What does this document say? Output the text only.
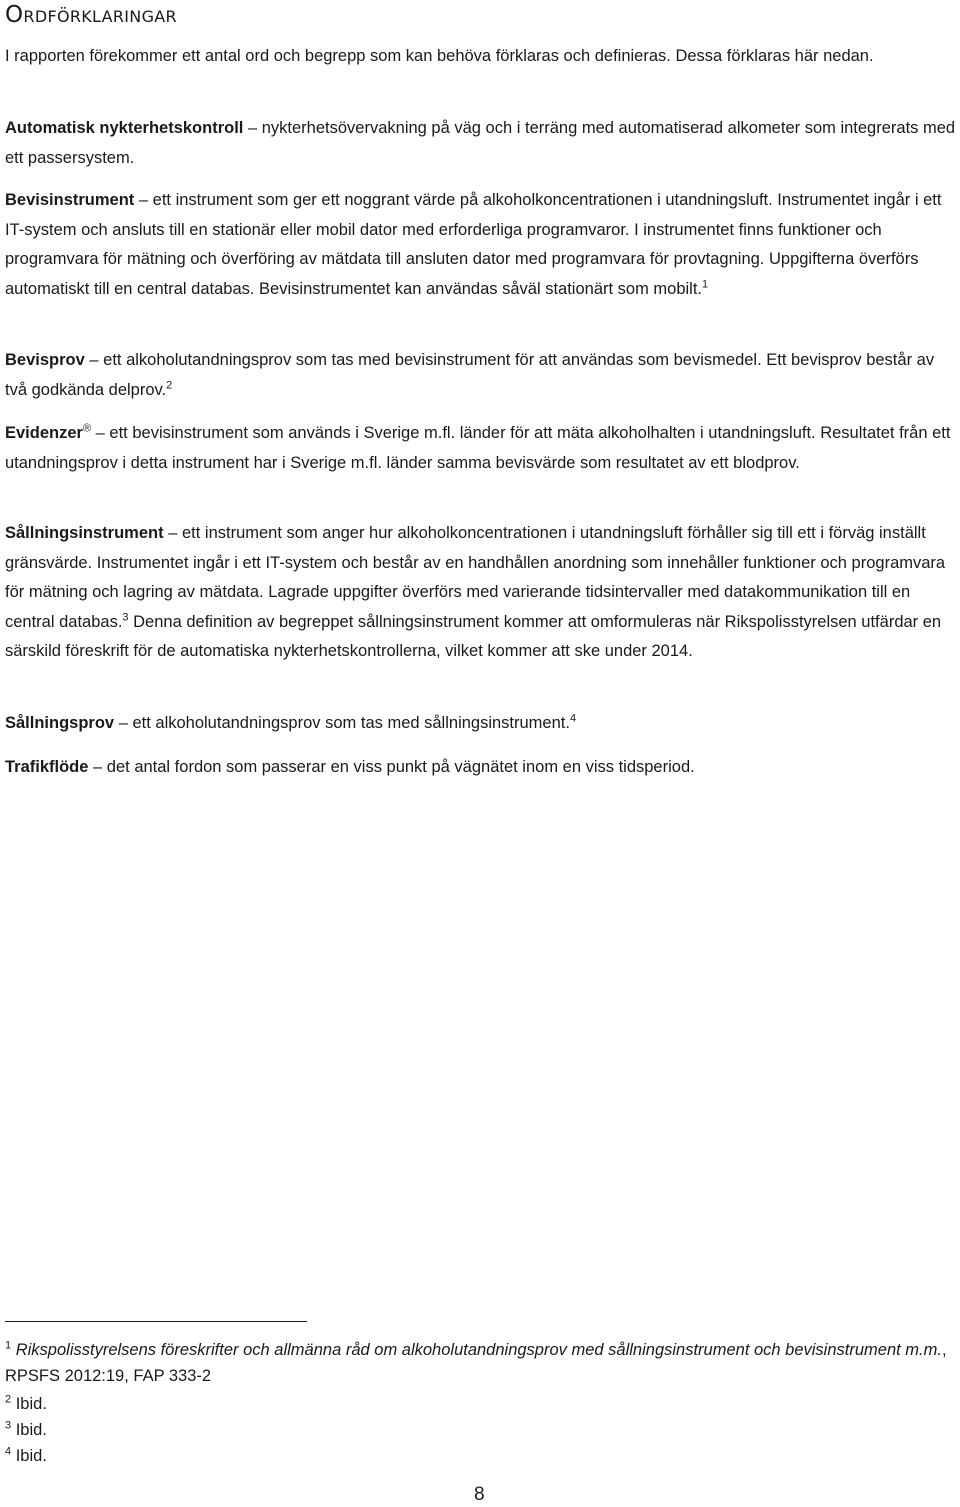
Ordförklaringar
I rapporten förekommer ett antal ord och begrepp som kan behöva förklaras och definieras. Dessa förklaras här nedan.
Automatisk nykterhetskontroll – nykterhetsövervakning på väg och i terräng med automatiserad alkometer som integrerats med ett passersystem.
Bevisinstrument – ett instrument som ger ett noggrant värde på alkoholkoncentrationen i utandningsluft. Instrumentet ingår i ett IT-system och ansluts till en stationär eller mobil dator med erforderliga programvaror. I instrumentet finns funktioner och programvara för mätning och överföring av mätdata till ansluten dator med programvara för provtagning. Uppgifterna överförs automatiskt till en central databas. Bevisinstrumentet kan användas såväl stationärt som mobilt.$^1$
Bevisprov – ett alkoholutandningsprov som tas med bevisinstrument för att användas som bevismedel. Ett bevisprov består av två godkända delprov.$^2$
Evidenzer® – ett bevisinstrument som används i Sverige m.fl. länder för att mäta alkoholhalten i utandningsluft. Resultatet från ett utandningsprov i detta instrument har i Sverige m.fl. länder samma bevisvärde som resultatet av ett blodprov.
Sållningsinstrument – ett instrument som anger hur alkoholkoncentrationen i utandningsluft förhåller sig till ett i förväg inställt gränsvärde. Instrumentet ingår i ett IT-system och består av en handhållen anordning som innehåller funktioner och programvara för mätning och lagring av mätdata. Lagrade uppgifter överförs med varierande tidsintervaller med datakommunikation till en central databas.$^3$ Denna definition av begreppet sållningsinstrument kommer att omformuleras när Rikspolisstyrelsen utfärdar en särskild föreskrift för de automatiska nykterhetskontrollerna, vilket kommer att ske under 2014.
Sållningsprov – ett alkoholutandningsprov som tas med sållningsinstrument.$^4$
Trafikflöde – det antal fordon som passerar en viss punkt på vägnätet inom en viss tidsperiod.
$^1$ Rikspolisstyrelsens föreskrifter och allmänna råd om alkoholutandningsprov med sållningsinstrument och bevisinstrument m.m., RPSFS 2012:19, FAP 333-2
$^2$ Ibid.
$^3$ Ibid.
$^4$ Ibid.
8
